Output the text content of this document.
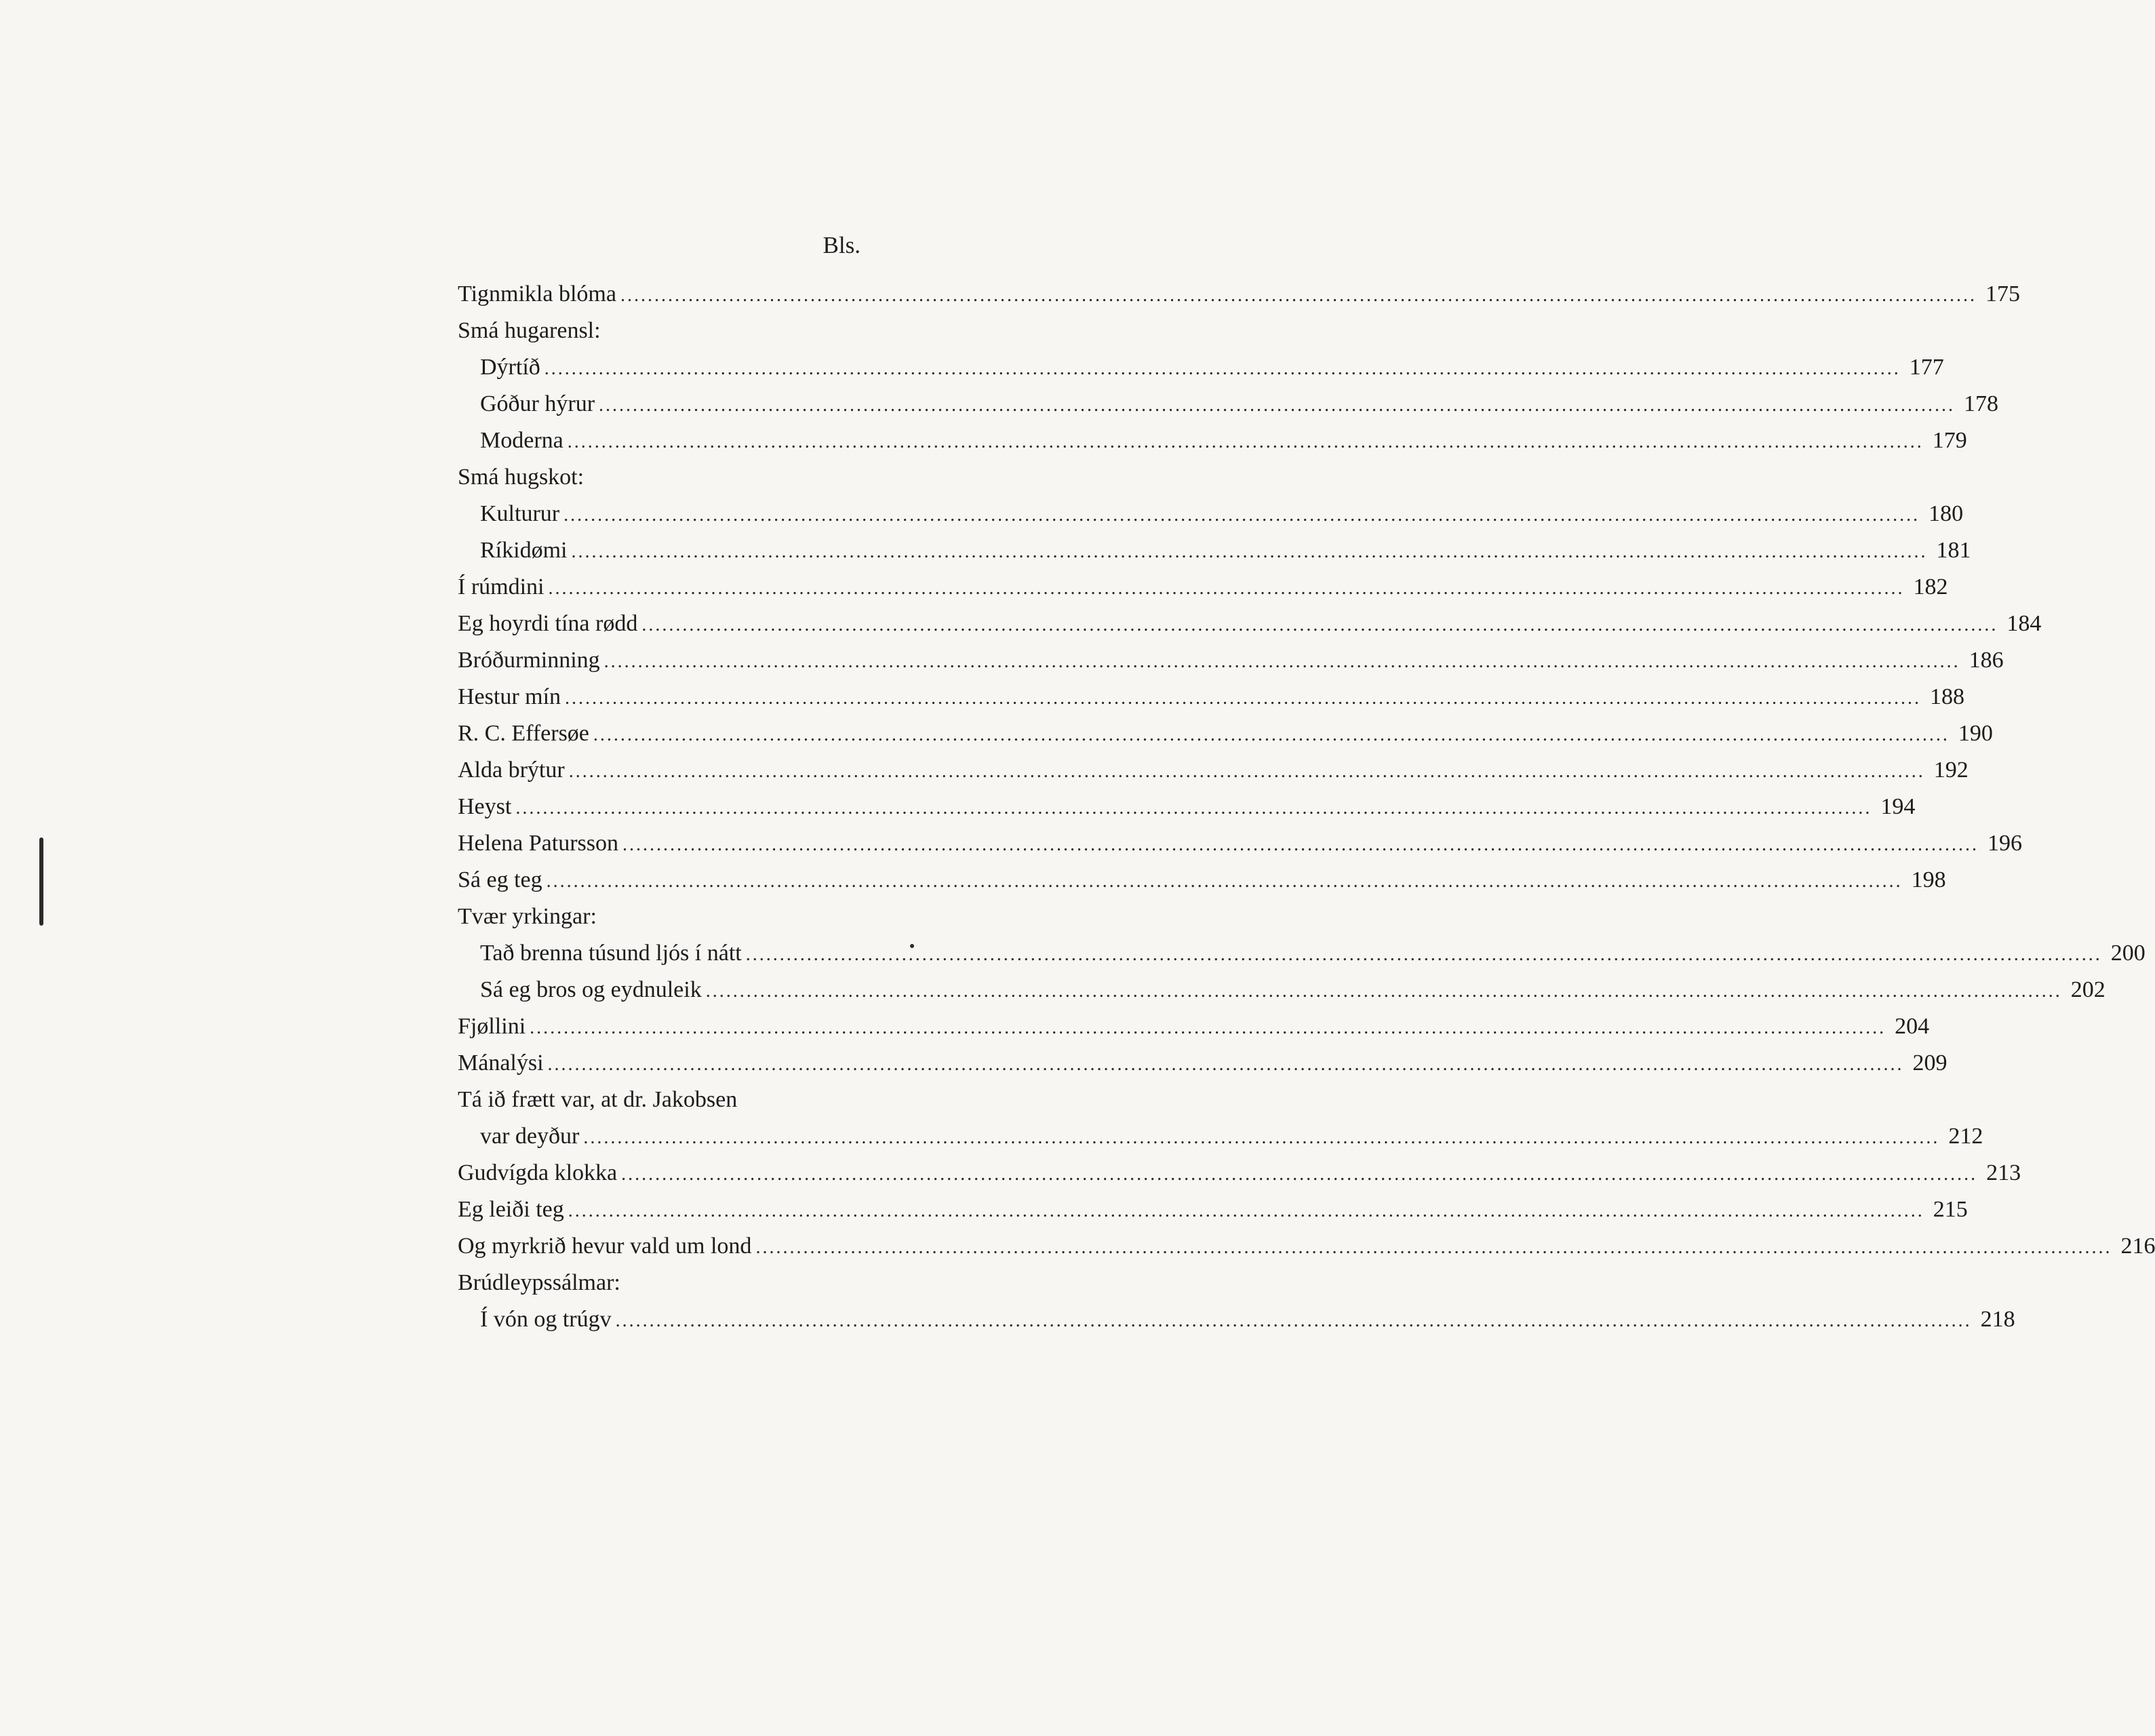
Bls.
Tignmikla blóma ........................................................................................................................................................................................................ 175
Smá hugarensl:
Dýrtíð ........................................................................................................................................................................................................ 177
Góður hýrur ........................................................................................................................................................................................................ 178
Moderna ........................................................................................................................................................................................................ 179
Smá hugskot:
Kulturur ........................................................................................................................................................................................................ 180
Ríkidømi ........................................................................................................................................................................................................ 181
Í rúmdini ........................................................................................................................................................................................................ 182
Eg hoyrdi tína rødd ........................................................................................................................................................................................................ 184
Bróðurminning ........................................................................................................................................................................................................ 186
Hestur mín ........................................................................................................................................................................................................ 188
R. C. Effersøe ........................................................................................................................................................................................................ 190
Alda brýtur ........................................................................................................................................................................................................ 192
Heyst ........................................................................................................................................................................................................ 194
Helena Patursson ........................................................................................................................................................................................................ 196
Sá eg teg ........................................................................................................................................................................................................ 198
Tvær yrkingar:
Tað brenna túsund ljós í nátt ........................................................................................................................................................................................................ 200
Sá eg bros og eydnuleik ........................................................................................................................................................................................................ 202
Fjøllini ........................................................................................................................................................................................................ 204
Mánalýsi ........................................................................................................................................................................................................ 209
Tá ið frætt var, at dr. Jakobsen
var deyður ........................................................................................................................................................................................................ 212
Gudvígda klokka ........................................................................................................................................................................................................ 213
Eg leiði teg ........................................................................................................................................................................................................ 215
Og myrkrið hevur vald um lond ........................................................................................................................................................................................................ 216
Brúdleypssálmar:
Í vón og trúgv ........................................................................................................................................................................................................ 218
